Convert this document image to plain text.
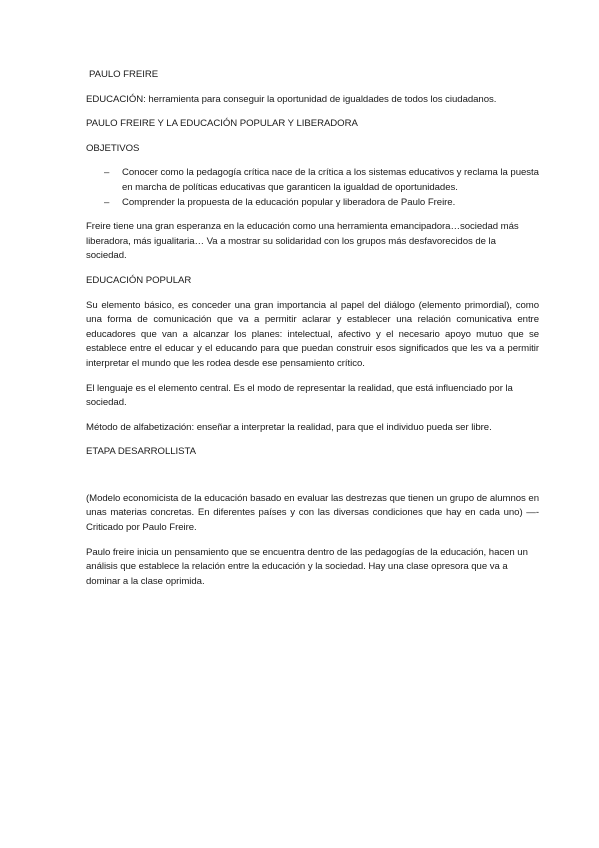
PAULO FREIRE

EDUCACIÓN: herramienta para conseguir la oportunidad de igualdades de todos los ciudadanos.

PAULO FREIRE Y LA EDUCACIÓN POPULAR Y LIBERADORA

OBJETIVOS

– Conocer como la pedagogía crítica nace de la crítica a los sistemas educativos y reclama la puesta en marcha de políticas educativas que garanticen la igualdad de oportunidades.
– Comprender la propuesta de la educación popular y liberadora de Paulo Freire.

Freire tiene una gran esperanza en la educación como una herramienta emancipadora…sociedad más liberadora, más igualitaria… Va a mostrar su solidaridad con los grupos más desfavorecidos de la sociedad.

EDUCACIÓN POPULAR

Su elemento básico, es conceder una gran importancia al papel del diálogo (elemento primordial), como una forma de comunicación que va a permitir aclarar y establecer una relación comunicativa entre educadores que van a alcanzar los planes: intelectual, afectivo y el necesario apoyo mutuo que se establece entre el educar y el educando para que puedan construir esos significados que les va a permitir interpretar el mundo que les rodea desde ese pensamiento crítico.

El lenguaje es el elemento central. Es el modo de representar la realidad, que está influenciado por la sociedad.

Método de alfabetización: enseñar a interpretar la realidad, para que el individuo pueda ser libre.

ETAPA DESARROLLISTA

(Modelo economicista de la educación basado en evaluar las destrezas que tienen un grupo de alumnos en unas materias concretas. En diferentes países y con las diversas condiciones que hay en cada uno) —- Criticado por Paulo Freire.

Paulo freire inicia un pensamiento que se encuentra dentro de las pedagogías de la educación, hacen un análisis que establece la relación entre la educación y la sociedad. Hay una clase opresora que va a dominar a la clase oprimida.
